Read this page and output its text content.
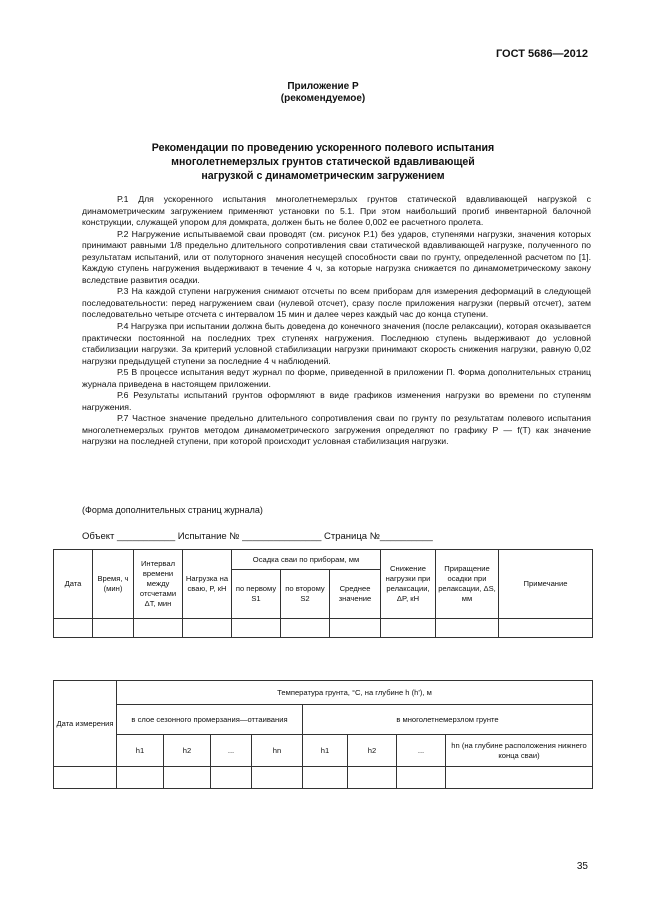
ГОСТ 5686—2012
Приложение Р
(рекомендуемое)
Рекомендации по проведению ускоренного полевого испытания
многолетнемерзлых грунтов статической вдавливающей
нагрузкой с динамометрическим загружением

Р.1 Для ускоренного испытания многолетнемерзлых грунтов статической вдавливающей нагрузкой с динамометрическим загружением применяют установки по 5.1. При этом наибольший прогиб инвентарной балочной конструкции, служащей упором для домкрата, должен быть не более 0,002 ее расчетного пролета.

Р.2 Нагружение испытываемой сваи проводят (см. рисунок Р.1) без ударов, ступенями нагрузки, значения которых принимают равными 1/8 предельно длительного сопротивления сваи статической вдавливающей нагрузке, полученного по результатам испытаний, или от полуторного значения несущей способности сваи по грунту, определенной расчетом по [1]. Каждую ступень нагружения выдерживают в течение 4 ч, за которые нагрузка снижается по динамометрическому закону вследствие развития осадки.

Р.3 На каждой ступени нагружения снимают отсчеты по всем приборам для измерения деформаций в следующей последовательности: перед нагружением сваи (нулевой отсчет), сразу после приложения нагрузки (первый отсчет), затем последовательно четыре отсчета с интервалом 15 мин и далее через каждый час до конца ступени.

Р.4 Нагрузка при испытании должна быть доведена до конечного значения (после релаксации), которая оказывается практически постоянной на последних трех ступенях нагружения. Последнюю ступень выдерживают до условной стабилизации нагрузки. За критерий условной стабилизации нагрузки принимают скорость снижения нагрузки, равную 0,02 нагрузки предыдущей ступени за последние 4 ч наблюдений.

Р.5 В процессе испытания ведут журнал по форме, приведенной в приложении П. Форма дополнительных страниц журнала приведена в настоящем приложении.

Р.6 Результаты испытаний грунтов оформляют в виде графиков изменения нагрузки во времени по ступеням нагружения.

Р.7 Частное значение предельно длительного сопротивления сваи по грунту по результатам полевого испытания многолетнемерзлых грунтов методом динамометрического загружения определяют по графику P — f(T) как значение нагрузки на последней ступени, при которой происходит условная стабилизация нагрузки.

(Форма дополнительных страниц журнала)
Объект ___________ Испытание № _______________ Страница №__________
Дата	Время, ч (мин)	Интервал времени между отсчетами ΔT, мин	Нагрузка на сваю, P, кН	Осадка сваи по приборам, мм			Снижение нагрузки при релаксации, ΔP, кН	Приращение осадки при релаксации, ΔS, мм	Примечание
				по первому S1	по второму S2	Среднее значение			

Дата измерения	Температура грунта, °С, на глубине h (h'), м							
	в слое сезонного промерзания—оттаивания				в многолетнемерзлом грунте			
	h1	h2	...	hn	h1	h2	...	hn (на глубине расположения нижнего конца сваи)

35
